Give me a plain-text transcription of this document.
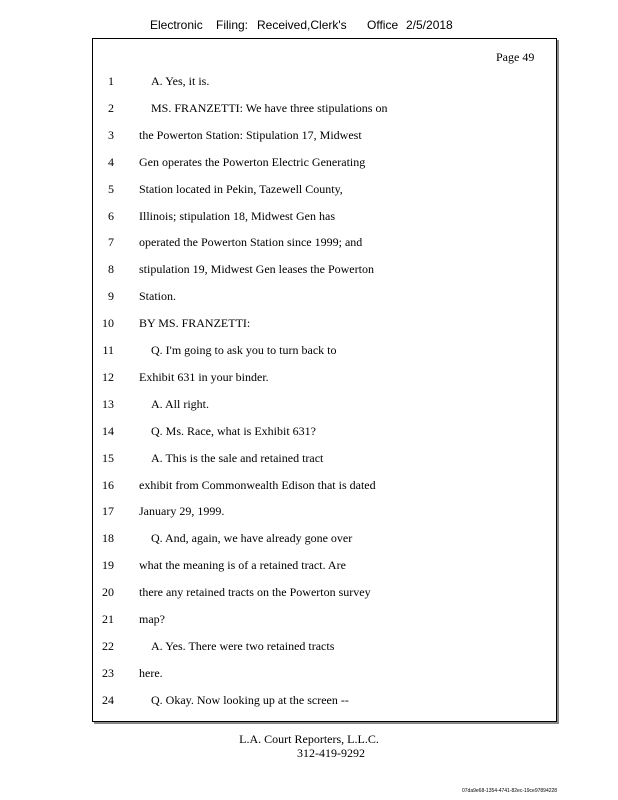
Electronic Filing: Received,Clerk's Office 2/5/2018
Page 49
1	A. Yes, it is.
2	MS. FRANZETTI: We have three stipulations on
3 the Powerton Station: Stipulation 17, Midwest
4 Gen operates the Powerton Electric Generating
5 Station located in Pekin, Tazewell County,
6 Illinois; stipulation 18, Midwest Gen has
7 operated the Powerton Station since 1999; and
8 stipulation 19, Midwest Gen leases the Powerton
9 Station.
10 BY MS. FRANZETTI:
11	Q. I'm going to ask you to turn back to
12 Exhibit 631 in your binder.
13	A. All right.
14	Q. Ms. Race, what is Exhibit 631?
15	A. This is the sale and retained tract
16 exhibit from Commonwealth Edison that is dated
17 January 29, 1999.
18	Q. And, again, we have already gone over
19 what the meaning is of a retained tract. Are
20 there any retained tracts on the Powerton survey
21 map?
22	A. Yes. There were two retained tracts
23 here.
24	Q. Okay. Now looking up at the screen --
L.A. Court Reporters, L.L.C.
312-419-9292
07da9e68-1354-4741-82ec-19ce97894228
